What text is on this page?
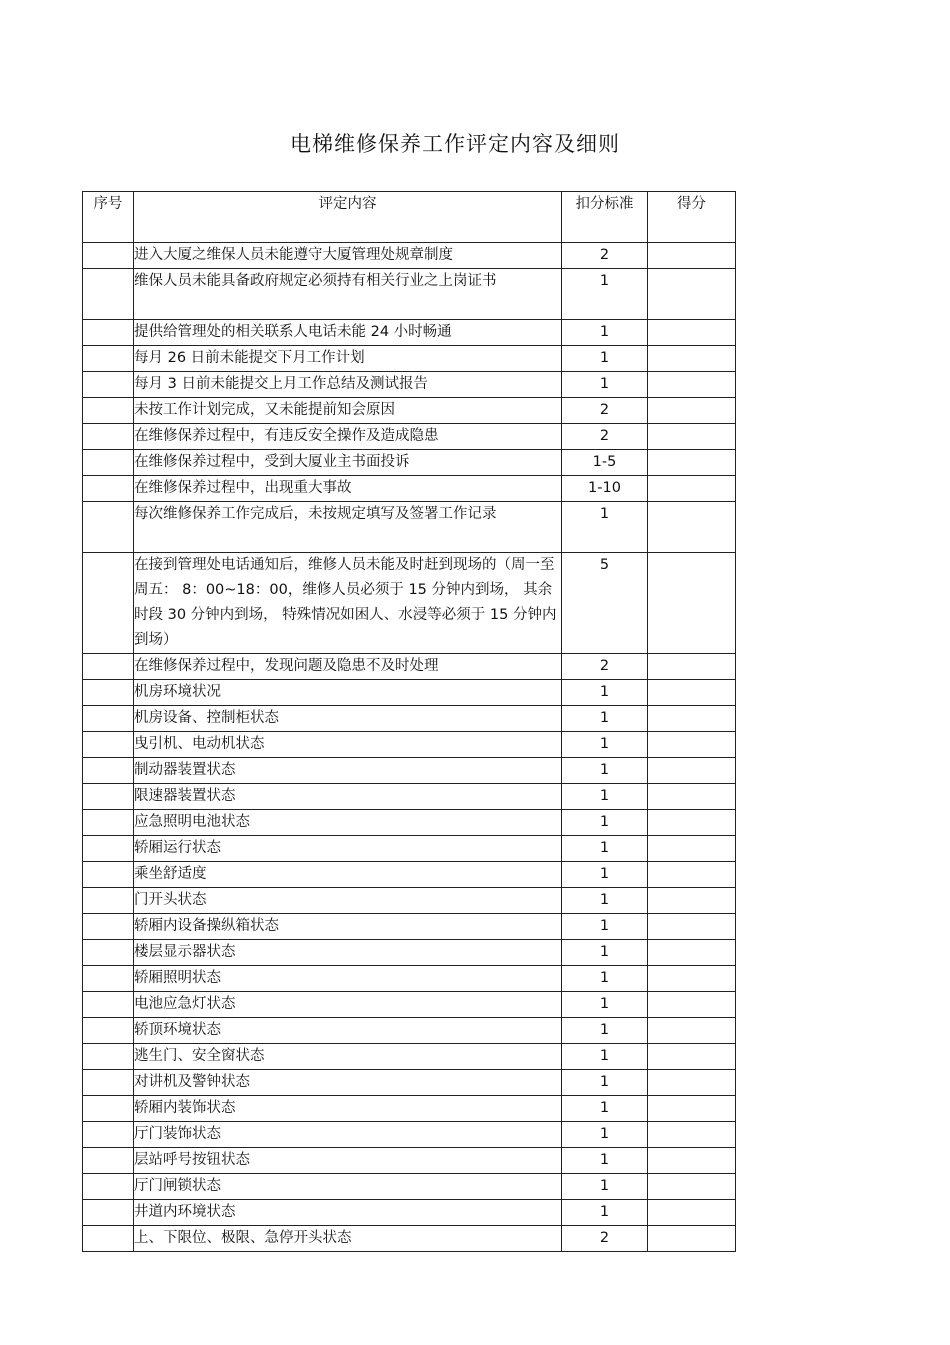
电梯维修保养工作评定内容及细则
序号	评定内容	扣分标准	得分
	进入大厦之维保人员未能遵守大厦管理处规章制度	2	
	维保人员未能具备政府规定必须持有相关行业之上岗证书	1	
	提供给管理处的相关联系人电话未能 24 小时畅通	1	
	每月 26 日前未能提交下月工作计划	1	
	每月 3 日前未能提交上月工作总结及测试报告	1	
	未按工作计划完成，又未能提前知会原因	2	
	在维修保养过程中，有违反安全操作及造成隐患	2	
	在维修保养过程中，受到大厦业主书面投诉	1-5	
	在维修保养过程中，出现重大事故	1-10	
	每次维修保养工作完成后，未按规定填写及签署工作记录	1	
	在接到管理处电话通知后，维修人员未能及时赶到现场的（周一至周五： 8：00~18：00，维修人员必须于 15 分钟内到场， 其余时段 30 分钟内到场， 特殊情况如困人、水浸等必须于 15 分钟内到场）	5	
	在维修保养过程中，发现问题及隐患不及时处理	2	
	机房环境状况	1	
	机房设备、控制柜状态	1	
	曳引机、电动机状态	1	
	制动器装置状态	1	
	限速器装置状态	1	
	应急照明电池状态	1	
	轿厢运行状态	1	
	乘坐舒适度	1	
	门开头状态	1	
	轿厢内设备操纵箱状态	1	
	楼层显示器状态	1	
	轿厢照明状态	1	
	电池应急灯状态	1	
	轿顶环境状态	1	
	逃生门、安全窗状态	1	
	对讲机及警钟状态	1	
	轿厢内装饰状态	1	
	厅门装饰状态	1	
	层站呼号按钮状态	1	
	厅门闸锁状态	1	
	井道内环境状态	1	
	上、下限位、极限、急停开头状态	2	
